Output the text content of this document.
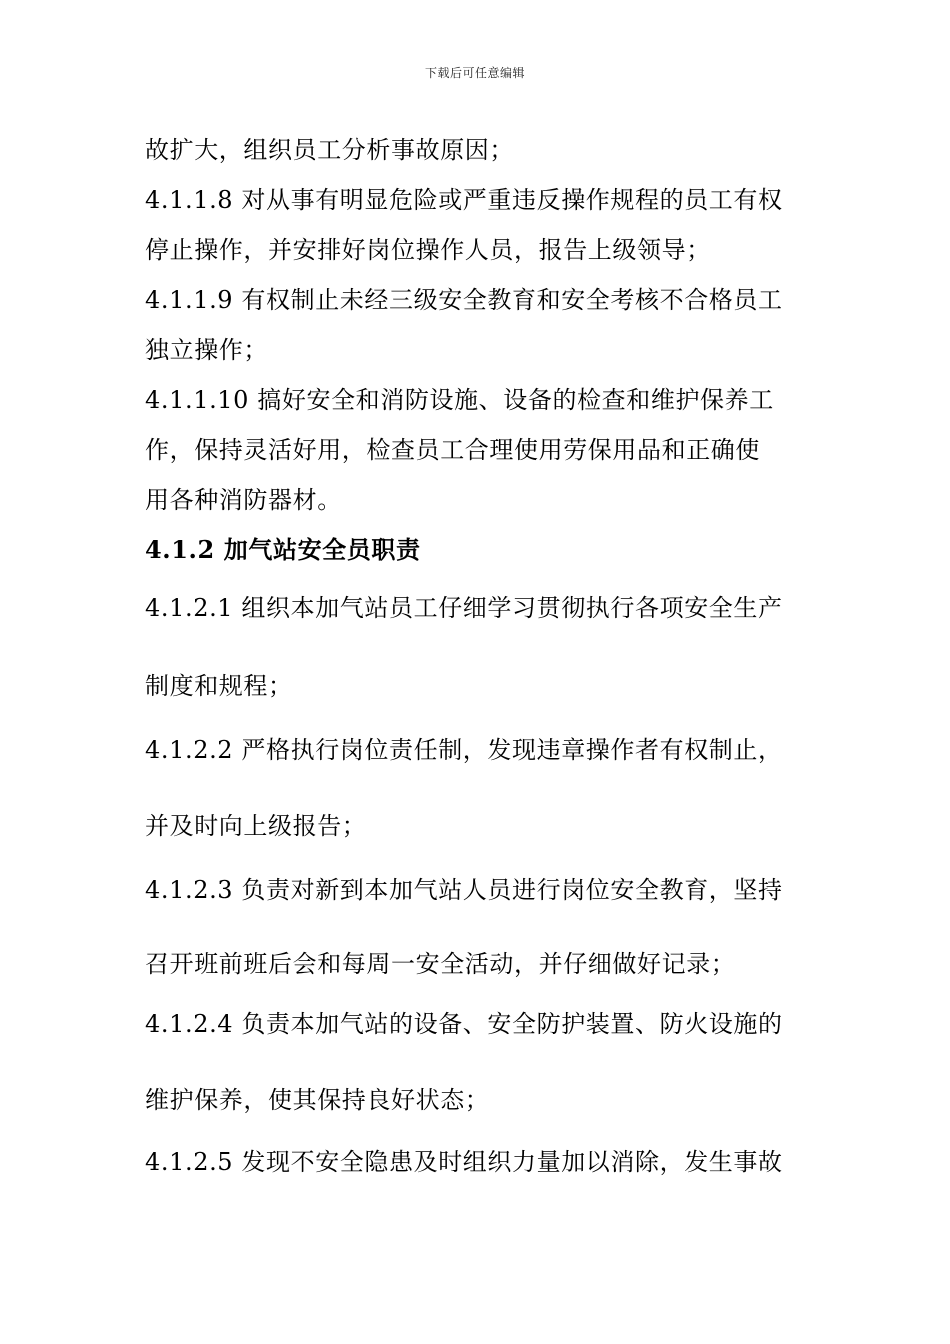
下载后可任意编辑
故扩大，组织员工分析事故原因；
4.1.1.8 对从事有明显危险或严重违反操作规程的员工有权
停止操作，并安排好岗位操作人员，报告上级领导；
4.1.1.9 有权制止未经三级安全教育和安全考核不合格员工
独立操作；
4.1.1.10 搞好安全和消防设施、设备的检查和维护保养工
作，保持灵活好用，检查员工合理使用劳保用品和正确使
用各种消防器材。
4.1.2 加气站安全员职责
4.1.2.1 组织本加气站员工仔细学习贯彻执行各项安全生产
制度和规程；
4.1.2.2 严格执行岗位责任制，发现违章操作者有权制止，
并及时向上级报告；
4.1.2.3 负责对新到本加气站人员进行岗位安全教育，坚持
召开班前班后会和每周一安全活动，并仔细做好记录；
4.1.2.4 负责本加气站的设备、安全防护装置、防火设施的
维护保养，使其保持良好状态；
4.1.2.5 发现不安全隐患及时组织力量加以消除，发生事故
